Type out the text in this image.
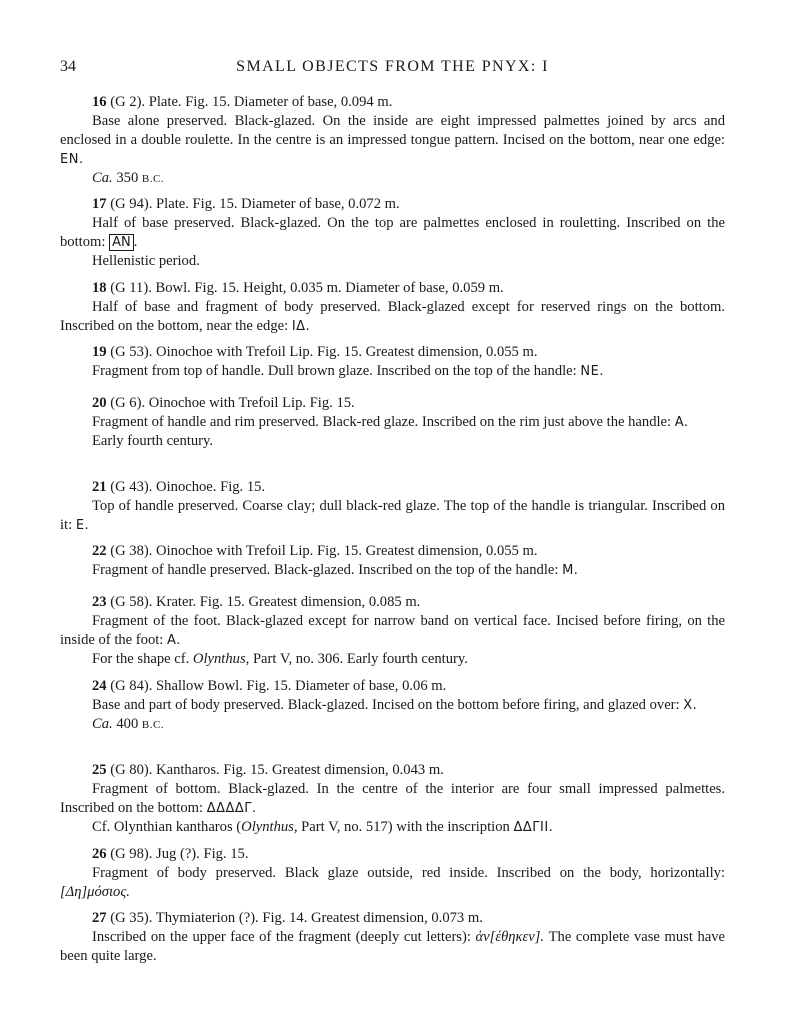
SMALL OBJECTS FROM THE PNYX: I
34

16 (G 2). Plate. Fig. 15. Diameter of base, 0.094 m.

Base alone preserved. Black-glazed. On the inside are eight impressed palmettes joined by arcs and enclosed in a double roulette. In the centre is an impressed tongue pattern. Incised on the bottom, near one edge: EN.

Ca. 350 B.C.

17 (G 94). Plate. Fig. 15. Diameter of base, 0.072 m.

Half of base preserved. Black-glazed. On the top are palmettes enclosed in rouletting. Inscribed on the bottom: ΑΝ .

Hellenistic period.

18 (G 11). Bowl. Fig. 15. Height, 0.035 m. Diameter of base, 0.059 m.

Half of base and fragment of body preserved. Black-glazed except for reserved rings on the bottom. Inscribed on the bottom, near the edge: IΔ.

19 (G 53). Oinochoe with Trefoil Lip. Fig. 15. Greatest dimension, 0.055 m.

Fragment from top of handle. Dull brown glaze. Inscribed on the top of the handle: NE.

20 (G 6). Oinochoe with Trefoil Lip. Fig. 15.

Fragment of handle and rim preserved. Black-red glaze. Inscribed on the rim just above the handle: A.

Early fourth century.

21 (G 43). Oinochoe. Fig. 15.

Top of handle preserved. Coarse clay; dull black-red glaze. The top of the handle is triangular. Inscribed on it: E.

22 (G 38). Oinochoe with Trefoil Lip. Fig. 15. Greatest dimension, 0.055 m.

Fragment of handle preserved. Black-glazed. Inscribed on the top of the handle: M.

23 (G 58). Krater. Fig. 15. Greatest dimension, 0.085 m.

Fragment of the foot. Black-glazed except for narrow band on vertical face. Incised before firing, on the inside of the foot: A.

For the shape cf. Olynthus, Part V, no. 306. Early fourth century.

24 (G 84). Shallow Bowl. Fig. 15. Diameter of base, 0.06 m.

Base and part of body preserved. Black-glazed. Incised on the bottom before firing, and glazed over: X.

Ca. 400 B.C.

25 (G 80). Kantharos. Fig. 15. Greatest dimension, 0.043 m.

Fragment of bottom. Black-glazed. In the centre of the interior are four small impressed palmettes. Inscribed on the bottom: ΔΔΔΔΓ.

Cf. Olynthian kantharos (Olynthus, Part V, no. 517) with the inscription ΔΔΓII.

26 (G 98). Jug (?). Fig. 15.

Fragment of body preserved. Black glaze outside, red inside. Inscribed on the body, horizontally: [Δη]μόσιος.

27 (G 35). Thymiaterion (?). Fig. 14. Greatest dimension, 0.073 m.

Inscribed on the upper face of the fragment (deeply cut letters): ἀν[έθηκεν]. The complete vase must have been quite large.
